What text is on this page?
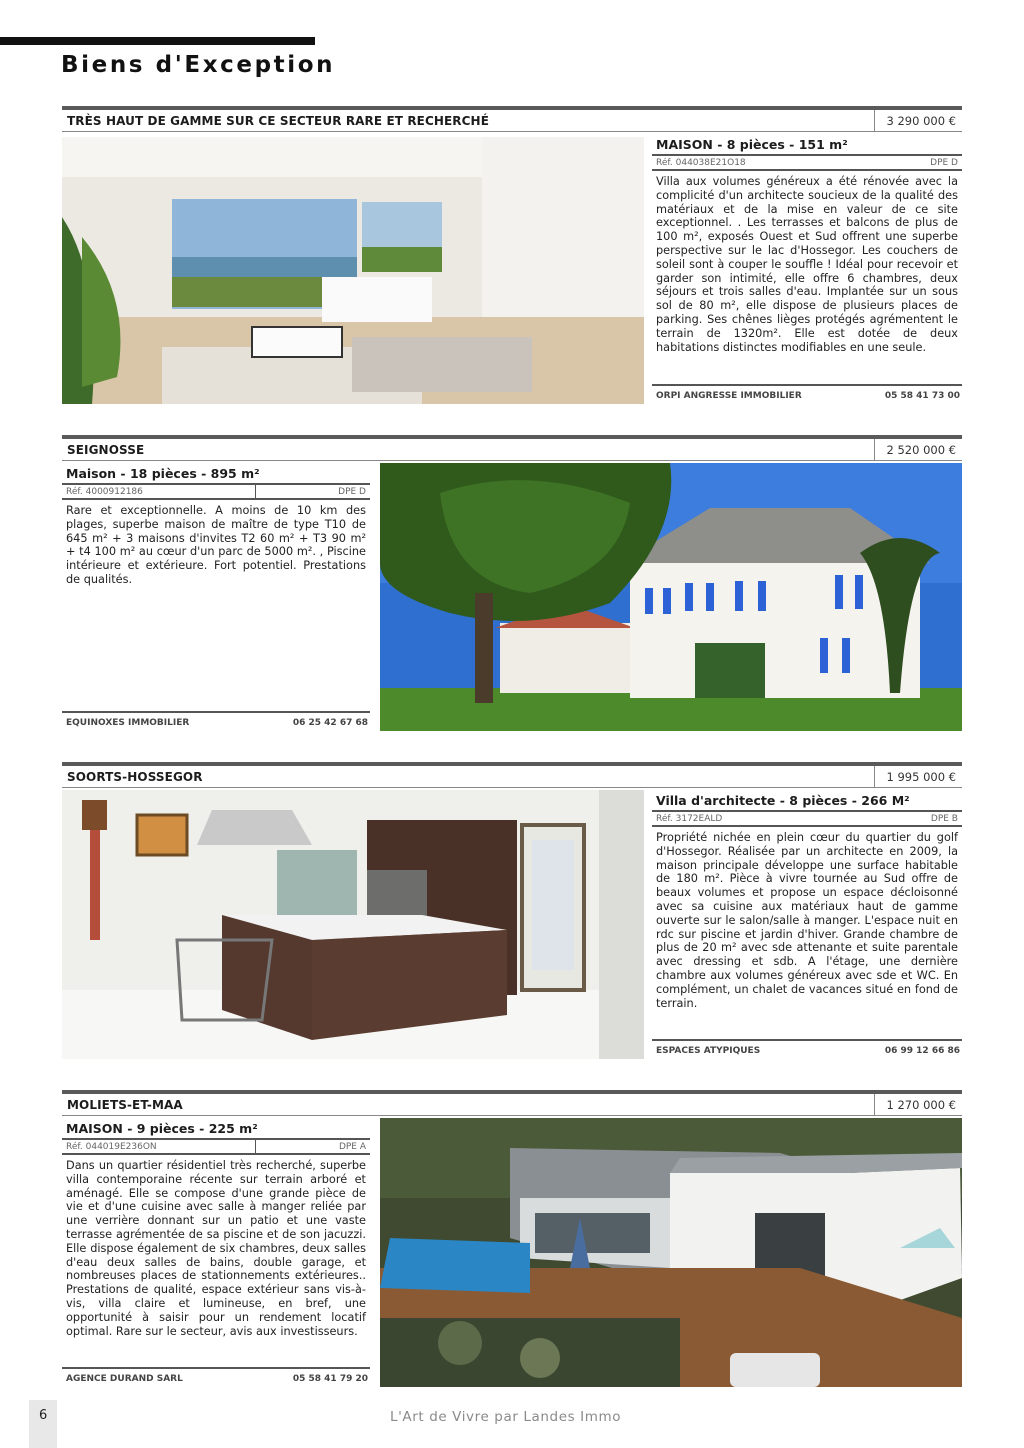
Biens d'Exception
TRÈS HAUT DE GAMME SUR CE SECTEUR RARE ET RECHERCHÉ	3 290 000 €
MAISON - 8 pièces - 151 m²
Réf. 044038E21O18	DPE D
Villa aux volumes généreux a été rénovée avec la complicité d'un architecte soucieux de la qualité des matériaux et de la mise en valeur de ce site exceptionnel. . Les terrasses et balcons de plus de 100 m², exposés Ouest et Sud offrent une superbe perspective sur le lac d'Hossegor. Les couchers de soleil sont à couper le souffle ! Idéal pour recevoir et garder son intimité, elle offre 6 chambres, deux séjours et trois salles d'eau. Implantée sur un sous sol de 80 m², elle dispose de plusieurs places de parking. Ses chênes lièges protégés agrémentent le terrain de 1320m². Elle est dotée de deux habitations distinctes modifiables en une seule.
ORPI ANGRESSE IMMOBILIER	05 58 41 73 00
SEIGNOSSE	2 520 000 €
Maison - 18 pièces - 895 m²
Réf. 4000912186	DPE D
Rare et exceptionnelle. A moins de 10 km des plages, superbe maison de maître de type T10 de 645 m² + 3 maisons d'invites T2 60 m² + T3 90 m² + t4 100 m² au cœur d'un parc de 5000 m². , Piscine intérieure et extérieure. Fort potentiel. Prestations de qualités.
EQUINOXES IMMOBILIER	06 25 42 67 68
SOORTS-HOSSEGOR	1 995 000 €
Villa d'architecte - 8 pièces - 266 M²
Réf. 3172EALD	DPE B
Propriété nichée en plein cœur du quartier du golf d'Hossegor. Réalisée par un architecte en 2009, la maison principale développe une surface habitable de 180 m². Pièce à vivre tournée au Sud offre de beaux volumes et propose un espace décloisonné avec sa cuisine aux matériaux haut de gamme ouverte sur le salon/salle à manger. L'espace nuit en rdc sur piscine et jardin d'hiver. Grande chambre de plus de 20 m² avec sde attenante et suite parentale avec dressing et sdb. A l'étage, une dernière chambre aux volumes généreux avec sde et WC. En complément, un chalet de vacances situé en fond de terrain.
ESPACES ATYPIQUES	06 99 12 66 86
MOLIETS-ET-MAA	1 270 000 €
MAISON - 9 pièces - 225 m²
Réf. 044019E236ON	DPE A
Dans un quartier résidentiel très recherché, superbe villa contemporaine récente sur terrain arboré et aménagé. Elle se compose d'une grande pièce de vie et d'une cuisine avec salle à manger reliée par une verrière donnant sur un patio et une vaste terrasse agrémentée de sa piscine et de son jacuzzi. Elle dispose également de six chambres, deux salles d'eau deux salles de bains, double garage, et nombreuses places de stationnements extérieures.. Prestations de qualité, espace extérieur sans vis-à-vis, villa claire et lumineuse, en bref, une opportunité à saisir pour un rendement locatif optimal. Rare sur le secteur, avis aux investisseurs.
AGENCE DURAND SARL	05 58 41 79 20
6	L'Art de Vivre par Landes Immo
